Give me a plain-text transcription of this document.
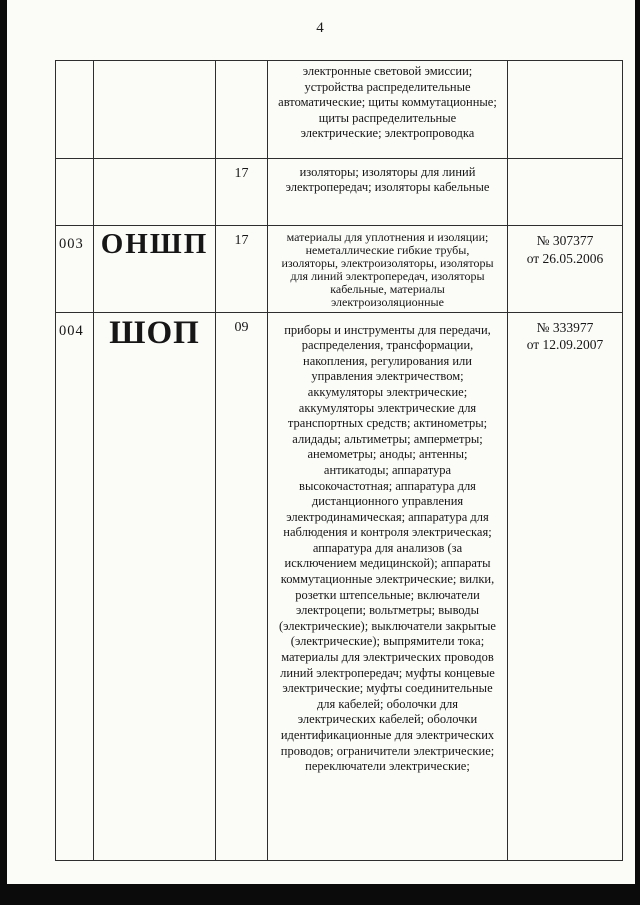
4
			электронные световой эмиссии; устройства распределительные автоматические; щиты коммутационные; щиты распределительные электрические; электропроводка	

		17	изоляторы; изоляторы для линий электропередач; изоляторы кабельные	

003	ОНШП	17	материалы для уплотнения и изоляции; неметаллические гибкие трубы, изоляторы, электроизоляторы, изоляторы для линий электропередач, изоляторы кабельные, материалы электроизоляционные	№ 307377
от 26.05.2006

004	ШОП	09	приборы и инструменты для передачи, распределения, трансформации, накопления, регулирования или управления электричеством; аккумуляторы электрические; аккумуляторы электрические для транспортных средств; актинометры; алидады; альтиметры; амперметры; анемометры; аноды; антенны; антикатоды; аппаратура высокочастотная; аппаратура для дистанционного управления электродинамическая; аппаратура для наблюдения и контроля электрическая; аппаратура для анализов (за исключением медицинской); аппараты коммутационные электрические; вилки, розетки штепсельные; включатели электроцепи; вольтметры; выводы (электрические); выключатели закрытые (электрические); выпрямители тока; материалы для электрических проводов линий электропередач; муфты концевые электрические; муфты соединительные для кабелей; оболочки для электрических кабелей; оболочки идентификационные для электрических проводов; ограничители электрические; переключатели электрические;	№ 333977
от 12.09.2007
